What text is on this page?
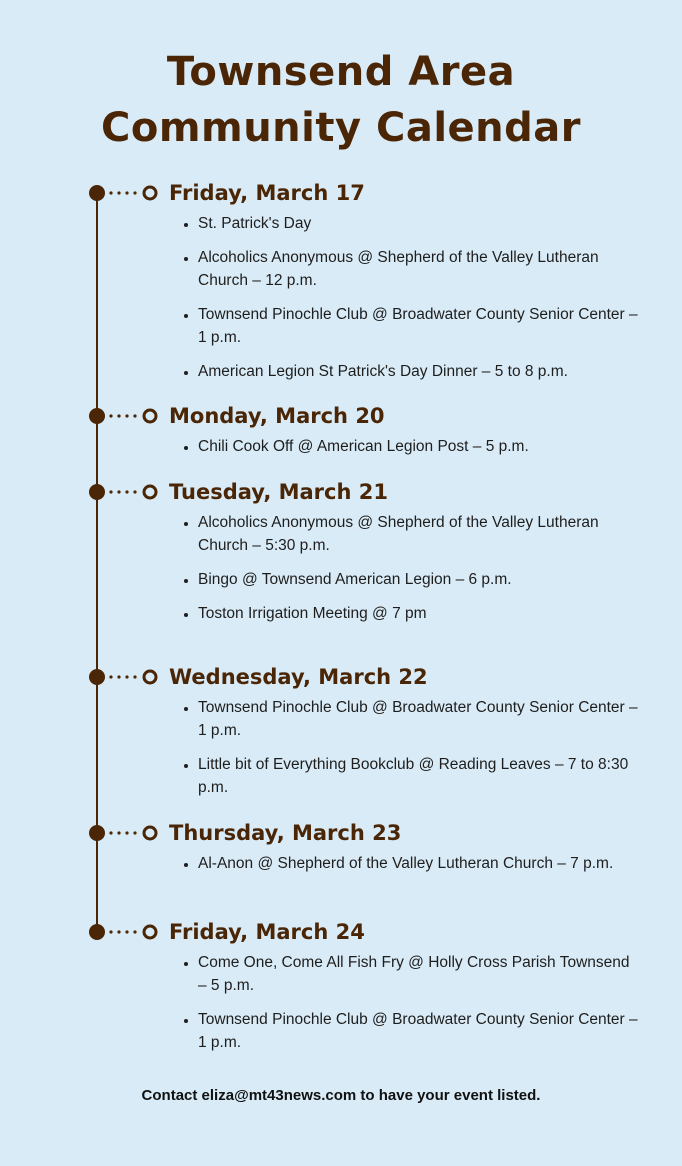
Townsend Area
Community Calendar
Friday, March 17
• St. Patrick's Day
• Alcoholics Anonymous @ Shepherd of the Valley Lutheran Church – 12 p.m.
• Townsend Pinochle Club @ Broadwater County Senior Center – 1 p.m.
• American Legion St Patrick's Day Dinner – 5 to 8 p.m.
Monday, March 20
• Chili Cook Off @ American Legion Post – 5 p.m.
Tuesday, March 21
• Alcoholics Anonymous @ Shepherd of the Valley Lutheran Church – 5:30 p.m.
• Bingo @ Townsend American Legion – 6 p.m.
• Toston Irrigation Meeting @ 7 pm
Wednesday, March 22
• Townsend Pinochle Club @ Broadwater County Senior Center – 1 p.m.
• Little bit of Everything Bookclub @ Reading Leaves – 7 to 8:30 p.m.
Thursday, March 23
• Al-Anon @ Shepherd of the Valley Lutheran Church – 7 p.m.
Friday, March 24
• Come One, Come All Fish Fry @ Holly Cross Parish Townsend – 5 p.m.
• Townsend Pinochle Club @ Broadwater County Senior Center – 1 p.m.
Contact eliza@mt43news.com to have your event listed.
